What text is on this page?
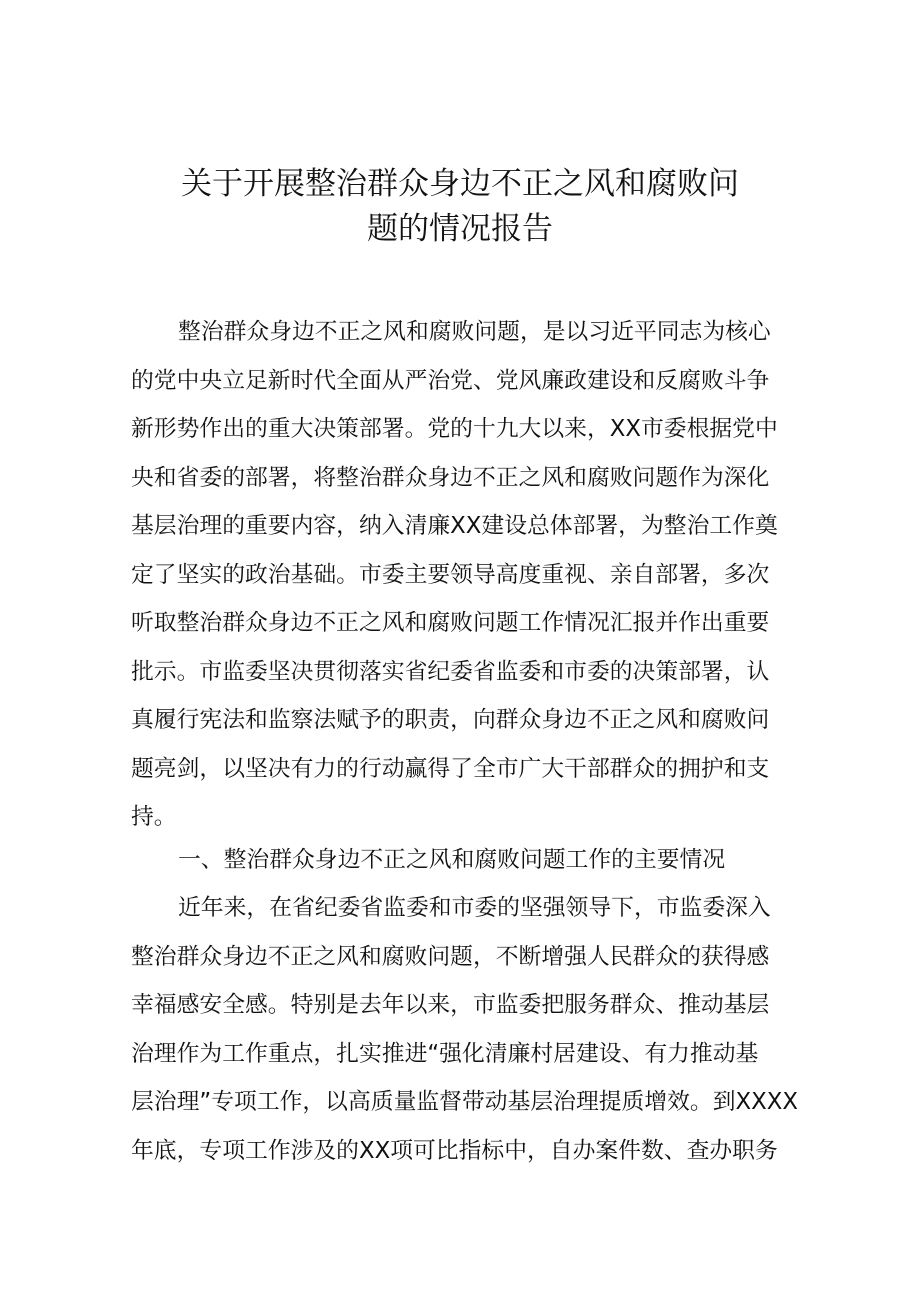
关于开展整治群众身边不正之风和腐败问
题的情况报告
整治群众身边不正之风和腐败问题，是以习近平同志为核心
的党中央立足新时代全面从严治党、党风廉政建设和反腐败斗争
新形势作出的重大决策部署。党的十九大以来，XX市委根据党中
央和省委的部署，将整治群众身边不正之风和腐败问题作为深化
基层治理的重要内容，纳入清廉XX建设总体部署，为整治工作奠
定了坚实的政治基础。市委主要领导高度重视、亲自部署，多次
听取整治群众身边不正之风和腐败问题工作情况汇报并作出重要
批示。市监委坚决贯彻落实省纪委省监委和市委的决策部署，认
真履行宪法和监察法赋予的职责，向群众身边不正之风和腐败问
题亮剑，以坚决有力的行动赢得了全市广大干部群众的拥护和支
持。
一、整治群众身边不正之风和腐败问题工作的主要情况
近年来，在省纪委省监委和市委的坚强领导下，市监委深入
整治群众身边不正之风和腐败问题，不断增强人民群众的获得感
幸福感安全感。特别是去年以来，市监委把服务群众、推动基层
治理作为工作重点，扎实推进“强化清廉村居建设、有力推动基
层治理”专项工作，以高质量监督带动基层治理提质增效。到XXXX
年底，专项工作涉及的XX项可比指标中，自办案件数、查办职务
